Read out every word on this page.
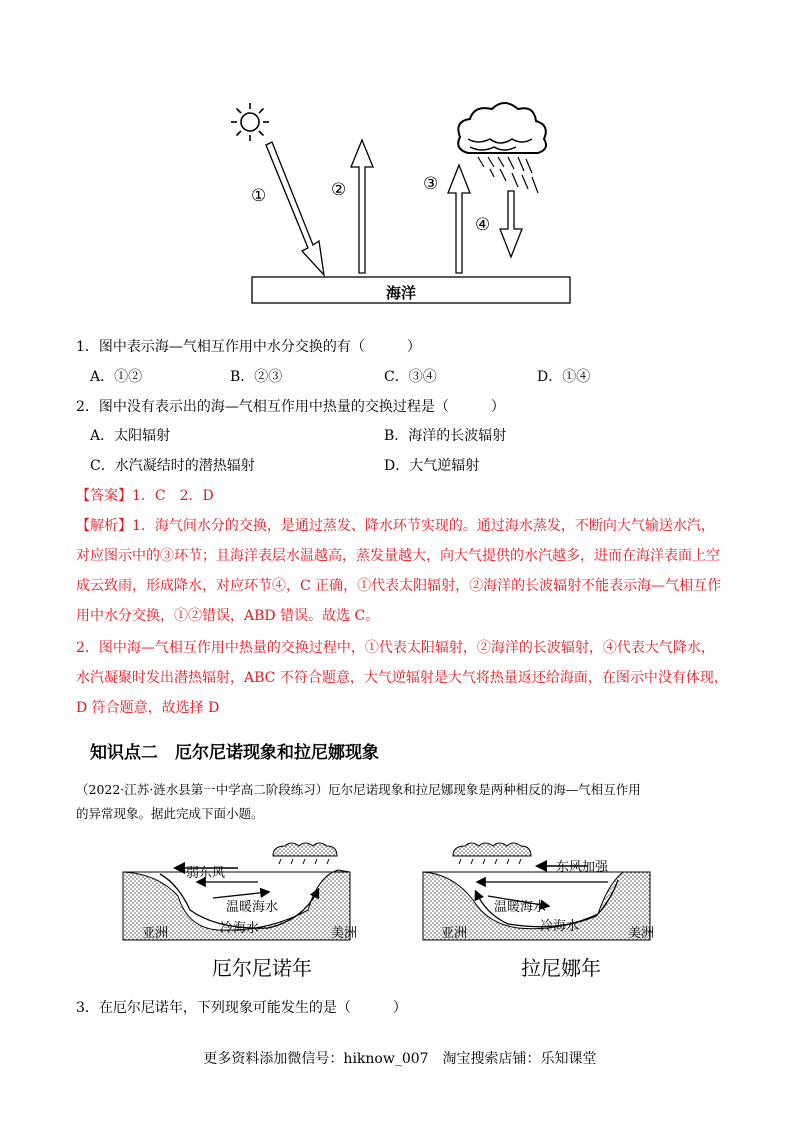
①	②	③
④
海洋
1．图中表示海—气相互作用中水分交换的有（　　　）
A．①②	B．②③	C．③④	D．①④
2．图中没有表示出的海—气相互作用中热量的交换过程是（　　　）
A．太阳辐射	B．海洋的长波辐射
C．水汽凝结时的潜热辐射	D．大气逆辐射
【答案】1．C　2．D
【解析】1．海气间水分的交换，是通过蒸发、降水环节实现的。通过海水蒸发，不断向大气输送水汽，
对应图示中的③环节；且海洋表层水温越高，蒸发量越大，向大气提供的水汽越多，进而在海洋表面上空
成云致雨，形成降水，对应环节④，C 正确，①代表太阳辐射，②海洋的长波辐射不能表示海—气相互作
用中水分交换，①②错误，ABD 错误。故选 C。
2．图中海—气相互作用中热量的交换过程中，①代表太阳辐射，②海洋的长波辐射，④代表大气降水，
水汽凝聚时发出潜热辐射，ABC 不符合题意，大气逆辐射是大气将热量返还给海面，在图示中没有体现，
D 符合题意，故选择 D
知识点二　厄尔尼诺现象和拉尼娜现象
（2022·江苏·涟水县第一中学高二阶段练习）厄尔尼诺现象和拉尼娜现象是两种相反的海—气相互作用
的异常现象。据此完成下面小题。
弱东风
温暖海水
冷海水
亚洲	美洲
厄尔尼诺年
东风加强
温暖海水
冷海水
亚洲	美洲
拉尼娜年
3．在厄尔尼诺年，下列现象可能发生的是（　　　）
更多资料添加微信号：hiknow_007　淘宝搜索店铺：乐知课堂
